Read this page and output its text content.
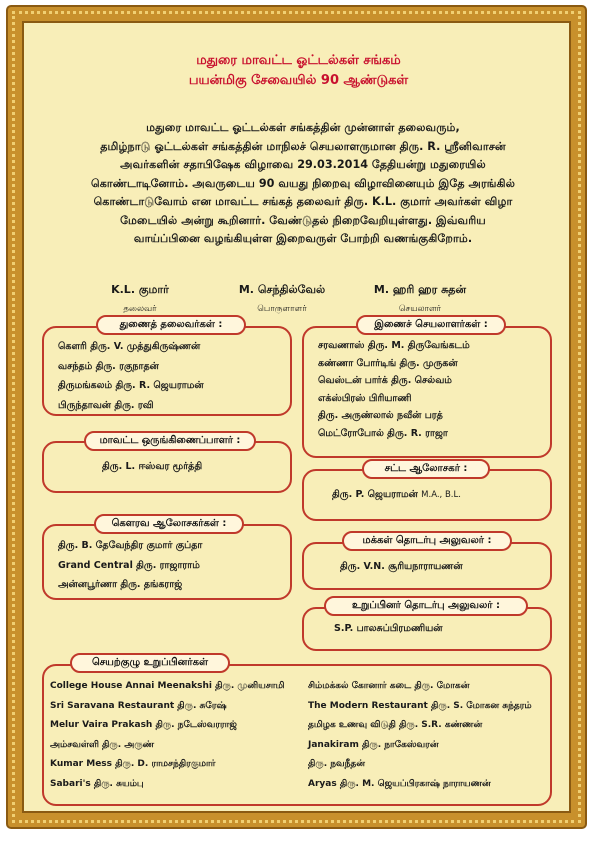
மதுரை மாவட்ட ஓட்டல்கள் சங்கம்
பயன்மிகு சேவையில் 90 ஆண்டுகள்
மதுரை மாவட்ட ஓட்டல்கள் சங்கத்தின் முன்னாள் தலைவரும்,
தமிழ்நாடு ஓட்டல்கள் சங்கத்தின் மாநிலச் செயலாளருமான திரு. R. ஸ்ரீனிவாசன்
அவர்களின் சதாபிஷேக விழாவை 29.03.2014 தேதியன்று மதுரையில்
கொண்டாடினோம். அவருடைய 90 வயது நிறைவு விழாவினையும் இதே அரங்கில்
கொண்டாடுவோம் என மாவட்ட சங்கத் தலைவர் திரு. K.L. குமார் அவர்கள் விழா
மேடையில் அன்று கூறினார். வேண்டுதல் நிறைவேறியுள்ளது. இவ்வரிய
வாய்ப்பினை வழங்கியுள்ள இறைவருள் போற்றி வணங்குகிறோம்.
K.L. குமார்
தலைவர்
M. செந்தில்வேல்
பொருளாளர்
M. ஹரி ஹர சுதன்
செயலாளர்
துணைத் தலைவர்கள் :
கௌரி திரு. V. முத்துகிருஷ்ணன்
வசந்தம் திரு. ரகுநாதன்
திருமங்கலம் திரு. R. ஜெயராமன்
பிருந்தாவன் திரு. ரவி
இணைச் செயலாளர்கள் :
சரவணாஸ் திரு. M. திருவேங்கடம்
கண்ணா போர்டிங் திரு. முருகன்
வெஸ்டன் பார்க் திரு. செல்வம்
எக்ஸ்பிரஸ் பிரியாணி
திரு. அருண்லால் நவீன் பரத்
மெட்ரோபோல் திரு. R. ராஜா
மாவட்ட ஒருங்கிணைப்பாளர் :
திரு. L. ஈஸ்வர மூர்த்தி	சட்ட ஆலோசகர் :
திரு. P. ஜெயராமன் M.A., B.L.
கௌரவ ஆலோசகர்கள் :
திரு. B. தேவேந்திர குமார் குப்தா
Grand Central திரு. ராஜாராம்
அன்னபூர்ணா திரு. தங்கராஜ்
மக்கள் தொடர்பு அலுவலர் :
திரு. V.N. சூரியநாராயணன்
உறுப்பினர் தொடர்பு அலுவலர் :
S.P. பாலசுப்பிரமணியன்
செயற்குழு உறுப்பினர்கள்
College House Annai Meenakshi திரு. முனியசாமி
Sri Saravana Restaurant திரு. சுரேஷ்
Melur Vaira Prakash திரு. நடேஸ்வரராஜ்
அம்சவள்ளி திரு. அருண்
Kumar Mess திரு. D. ராமசந்திரகுமார்
Sabari's திரு. சுயம்பு
சிம்மக்கல் கோனார் கடை திரு. மோகன்
The Modern Restaurant திரு. S. மோகன சுந்தரம்
தமிழக உணவு விடுதி திரு. S.R. கண்ணன்
Janakiram திரு. நாகேஸ்வரன்
திரு. நவநீதன்
Aryas திரு. M. ஜெயப்பிரகாஷ் நாராயணன்
